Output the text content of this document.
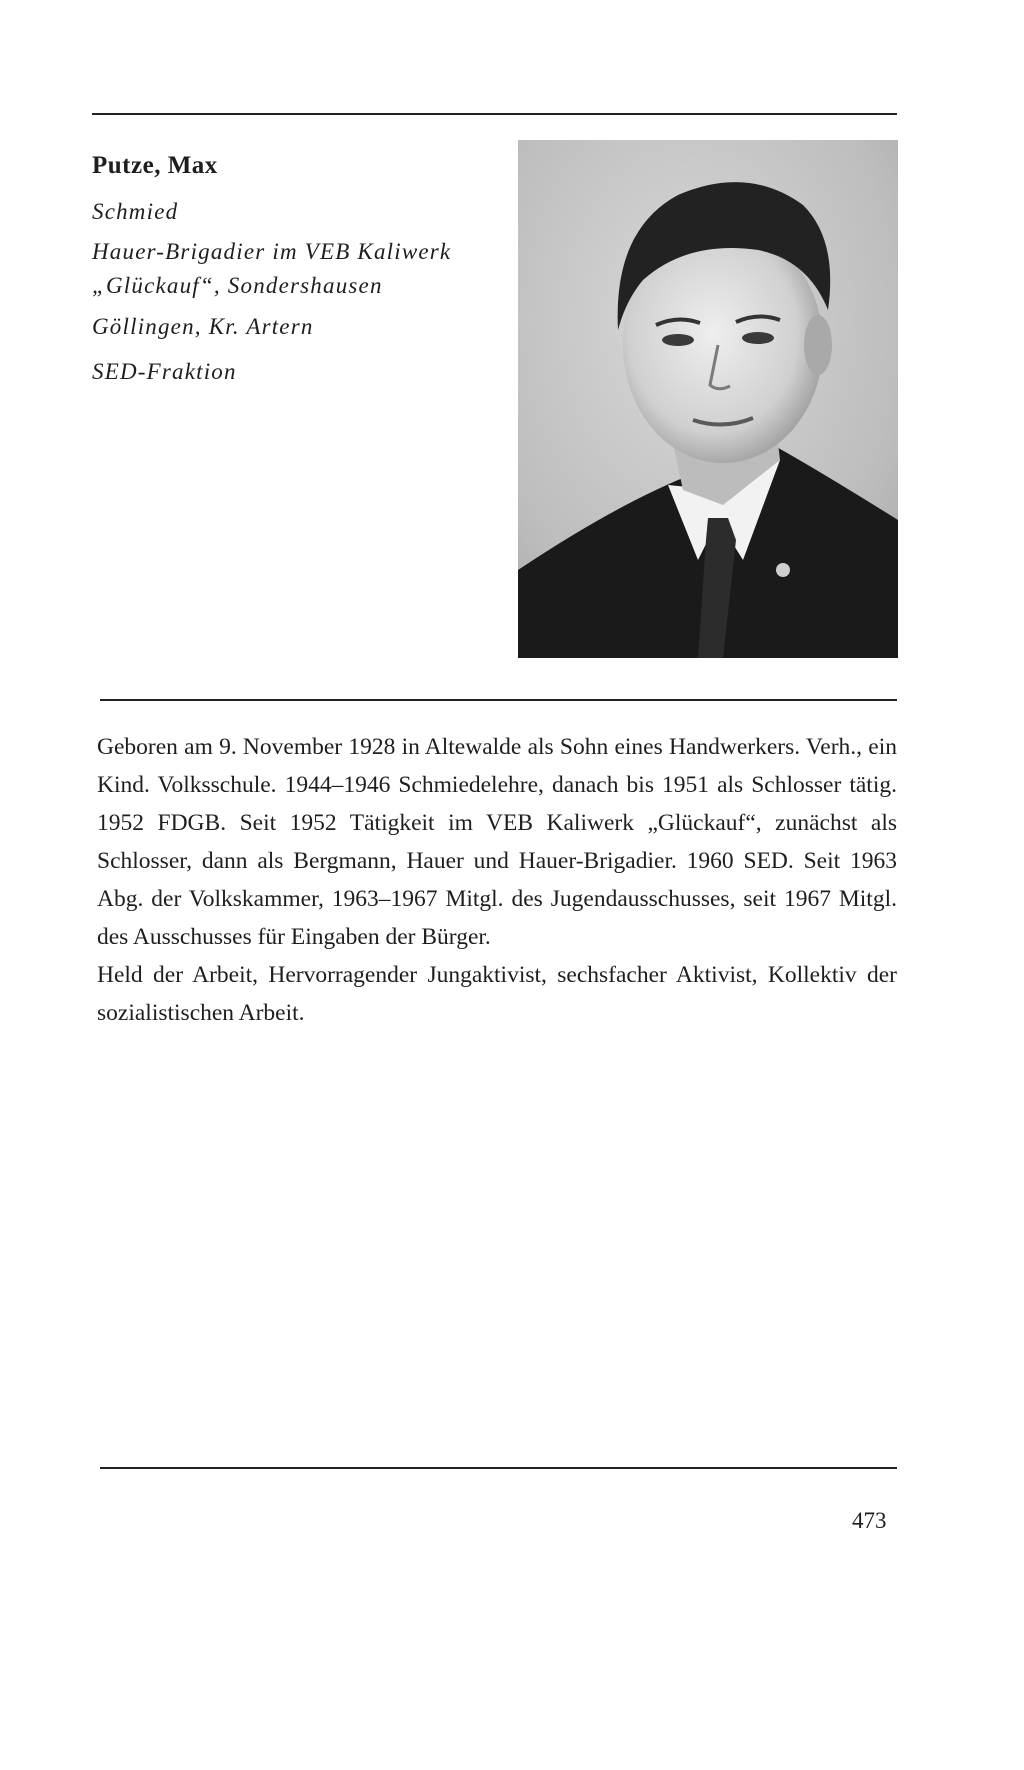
Putze, Max
Schmied
Hauer-Brigadier im VEB Kaliwerk „Glückauf“, Sondershausen
Göllingen, Kr. Artern
SED-Fraktion

Geboren am 9. November 1928 in Altewalde als Sohn eines Handwerkers. Verh., ein Kind. Volksschule. 1944–1946 Schmiedelehre, danach bis 1951 als Schlosser tätig. 1952 FDGB. Seit 1952 Tätigkeit im VEB Kaliwerk „Glückauf“, zunächst als Schlosser, dann als Bergmann, Hauer und Hauer-Brigadier. 1960 SED. Seit 1963 Abg. der Volkskammer, 1963–1967 Mitgl. des Jugendausschusses, seit 1967 Mitgl. des Ausschusses für Eingaben der Bürger.

Held der Arbeit, Hervorragender Jungaktivist, sechsfacher Aktivist, Kollektiv der sozialistischen Arbeit.

473
